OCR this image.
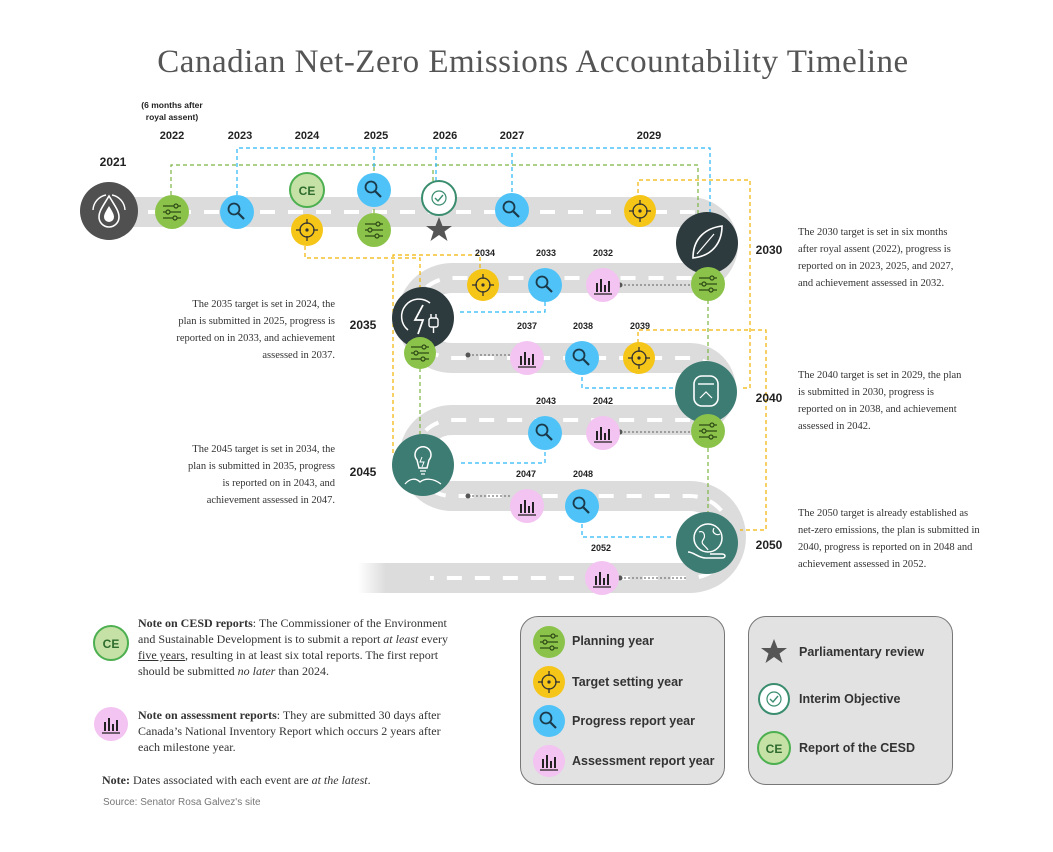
Canadian Net-Zero Emissions Accountability Timeline
2021
(6 months after
royal assent)
2022	2023	2024	2025	2026	2027	2029
CE
2030
2034	2033	2032
2035	2037	2038	2039
2040
2043	2042
2045	2047	2048
2050
2052
CE
The 2030 target is set in six months
after royal assent (2022), progress is
reported on in 2023, 2025, and 2027,
and achievement assessed in 2032.
The 2035 target is set in 2024, the
plan is submitted in 2025, progress is
reported on in 2033, and achievement
assessed in 2037.
The 2040 target is set in 2029, the plan
is submitted in 2030, progress is
reported on in 2038, and achievement
assessed in 2042.
The 2045 target is set in 2034, the
plan is submitted in 2035, progress
is reported on in 2043, and
achievement assessed in 2047.
The 2050 target is already established as
net-zero emissions, the plan is submitted in
2040, progress is reported on in 2048 and
achievement assessed in 2052.
Note on CESD reports: The Commissioner of the Environment
and Sustainable Development is to submit a report at least every
five years, resulting in at least six total reports. The first report
should be submitted no later than 2024.
Note on assessment reports: They are submitted 30 days after
Canada’s National Inventory Report which occurs 2 years after
each milestone year.
Note: Dates associated with each event are at the latest.
Source: Senator Rosa Galvez's site
Planning year
Target setting year
Progress report year
Assessment report year
CE
Parliamentary review
Interim Objective
Report of the CESD
